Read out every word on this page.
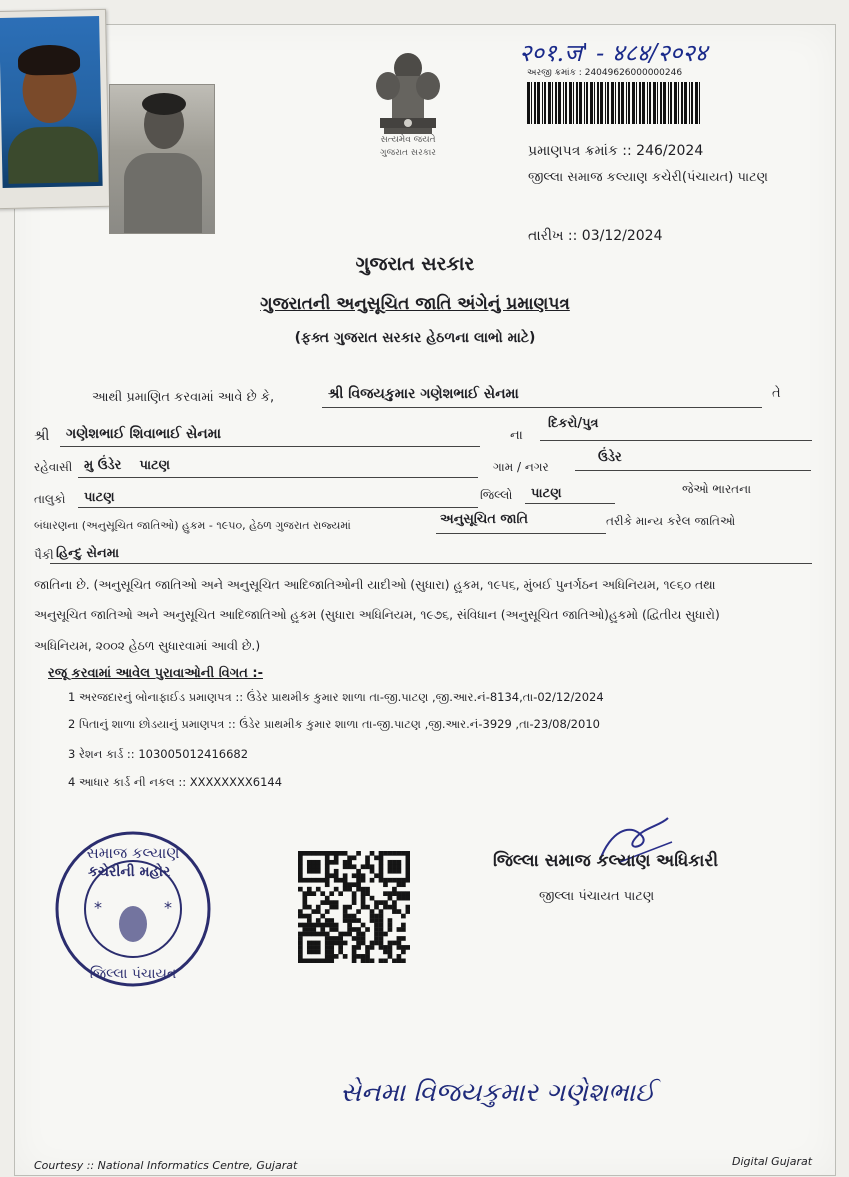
સત્યમેવ જયતે
ગુજરાત સરકાર
२०१.ज' - ४८४/२०२४
અરજી ક્રમાંક : 24049626000000246
પ્રમાણપત્ર ક્રમાંક :: 246/2024
જીલ્લા સમાજ કલ્યાણ કચેરી(પંચાયત) પાટણ
તારીખ :: 03/12/2024
ગુજરાત સરકાર
ગુજરાતની અનુસૂચિત જાતિ અંગેનું પ્રમાણપત્ર
(ફક્ત ગુજરાત સરકાર હેઠળના લાભો માટે)
આથી પ્રમાણિત કરવામાં આવે છે કે,	શ્રી વિજયકુમાર ગણેશભાઈ સેનમા	તે
શ્રી ગણેશભાઈ શિવાભાઈ સેનમા	ના
દિકરો/પુત્ર
રહેવાસી મુ ઉંડેર    પાટણ	ગામ / નગર
ઉંડેર
તાલુકો પાટણ	જિલ્લો પાટણ	જેઓ ભારતના
બંધારણના (અનુસૂચિત જાતિઓ) હુકમ - ૧૯૫૦, હેઠળ ગુજરાત રાજ્યમાં	અનુસૂચિત જાતિ	તરીકે માન્ય કરેલ જાતિઓ
પૈકી હિન્દુ સેનમા
જાતિના છે. (અનુસૂચિત જાતિઓ અને અનુસૂચિત આદિજાતિઓની યાદીઓ (સુધારા) હુકમ, ૧૯૫૬, મુંબઈ પુનર્ગઠન અધિનિયમ, ૧૯૬૦ તથા
અનુસૂચિત જાતિઓ અને અનુસૂચિત આદિજાતિઓ હુકમ (સુધારા અધિનિયમ, ૧૯૭૬, સંવિધાન (અનુસૂચિત જાતિઓ)હુકમો (દ્વિતીય સુધારો)
અધિનિયમ, ૨૦૦૨ હેઠળ સુધારવામાં આવી છે.)
રજૂ કરવામાં આવેલ પુરાવાઓની વિગત :-
1 અરજદારનું બોનાફાઈડ પ્રમાણપત્ર :: ઉંડેર પ્રાથમીક કુમાર શાળા તા-જી.પાટણ ,જી.આર.નં-8134,તા-02/12/2024
2 પિતાનું શાળા છોડયાનું પ્રમાણપત્ર :: ઉંડેર પ્રાથમીક કુમાર શાળા તા-જી.પાટણ ,જી.આર.નં-3929 ,તા-23/08/2010
3 રેશન કાર્ડ :: 103005012416682
4 આધાર કાર્ડ ની નકલ :: XXXXXXXX6144
સમાજ કલ્યાણ
જિલ્લા પંચાયત
*	*
કચેરીની મહોર
જિલ્લા સમાજ કલ્યાણ અધિકારી
જીલ્લા પંચાયત પાટણ
સેનમા વિજયકુમાર ગણેશભાઈ
Courtesy :: National Informatics Centre, Gujarat	Digital Gujarat
